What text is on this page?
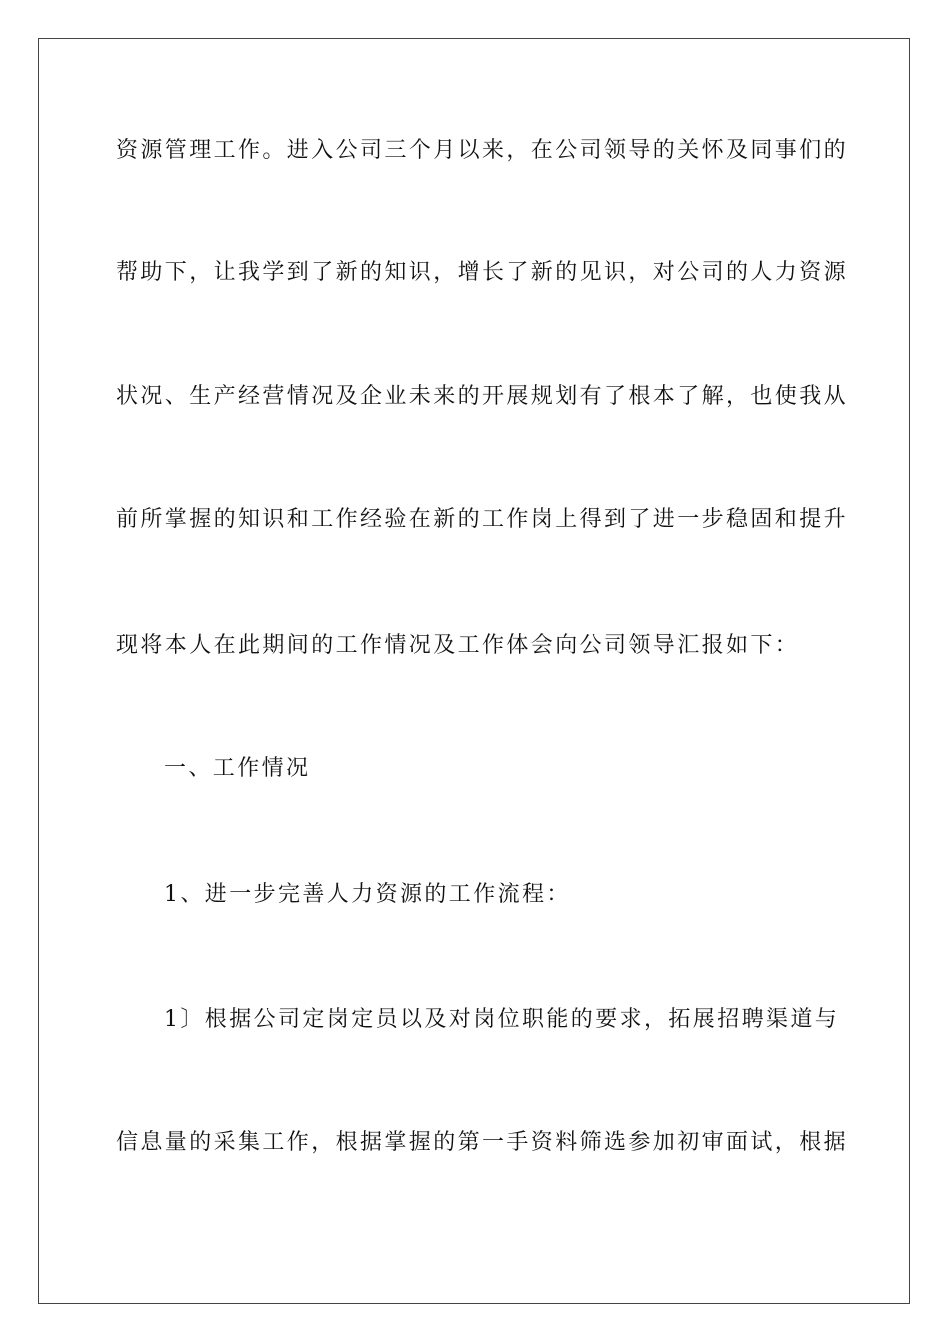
资源管理工作。进入公司三个月以来，在公司领导的关怀及同事们的
帮助下，让我学到了新的知识，增长了新的见识，对公司的人力资源
状况、生产经营情况及企业未来的开展规划有了根本了解，也使我从
前所掌握的知识和工作经验在新的工作岗上得到了进一步稳固和提升
现将本人在此期间的工作情况及工作体会向公司领导汇报如下：
一、工作情况
1、进一步完善人力资源的工作流程：
1〕根据公司定岗定员以及对岗位职能的要求，拓展招聘渠道与
信息量的采集工作，根据掌握的第一手资料筛选参加初审面试，根据
